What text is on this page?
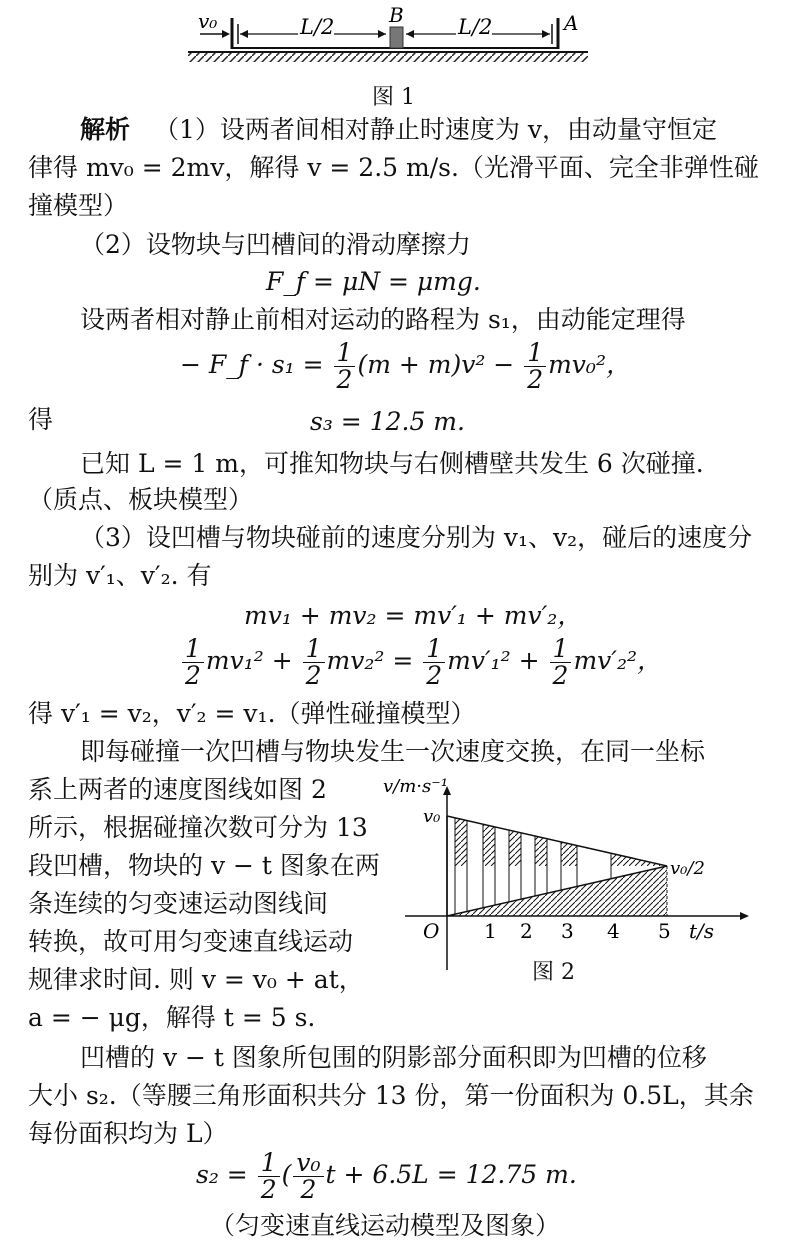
v₀	L/2	B	L/2	A
图 1
解析 （1）设两者间相对静止时速度为 v，由动量守恒定
律得 mv₀ = 2mv，解得 v = 2.5 m/s.（光滑平面、完全非弹性碰
撞模型）
（2）设物块与凹槽间的滑动摩擦力
F_f = μN = μmg.
设两者相对静止前相对运动的路程为 s₁，由动能定理得
− F_f · $s_1 = \frac{1}{2} (m + m)v^2 - \frac{1}{2} mv_0^2$，
得	s₃ = 12.5 m.
已知 L = 1 m，可推知物块与右侧槽壁共发生 6 次碰撞.
（质点、板块模型）
（3）设凹槽与物块碰前的速度分别为 v₁、v₂，碰后的速度分
别为 v′₁、v′₂. 有
mv₁ + mv₂ = mv′₁ + mv′₂，
$\frac{1}{2} mv_1^2 + \frac{1}{2} mv_2^2 = \frac{1}{2} mv'_1^2 + \frac{1}{2} mv'_2^2$，
得 v′₁ = v₂，v′₂ = v₁.（弹性碰撞模型）
即每碰撞一次凹槽与物块发生一次速度交换，在同一坐标
系上两者的速度图线如图 2
所示，根据碰撞次数可分为 13
段凹槽，物块的 v − t 图象在两
条连续的匀变速运动图线间
转换，故可用匀变速直线运动
规律求时间. 则 v = v₀ + at，
a = − μg，解得 t = 5 s.
v/m·s⁻¹
v₀
v₀/2
O 1 2 3 4 5 t/s
图 2
凹槽的 v − t 图象所包围的阴影部分面积即为凹槽的位移
大小 s₂.（等腰三角形面积共分 13 份，第一份面积为 0.5L，其余
每份面积均为 L）
$s_2 = \frac{1}{2}$ ( $\frac{\text{v₀}}{2}$ t + 6.5L = 12.75 m.
（匀变速直线运动模型及图象）
